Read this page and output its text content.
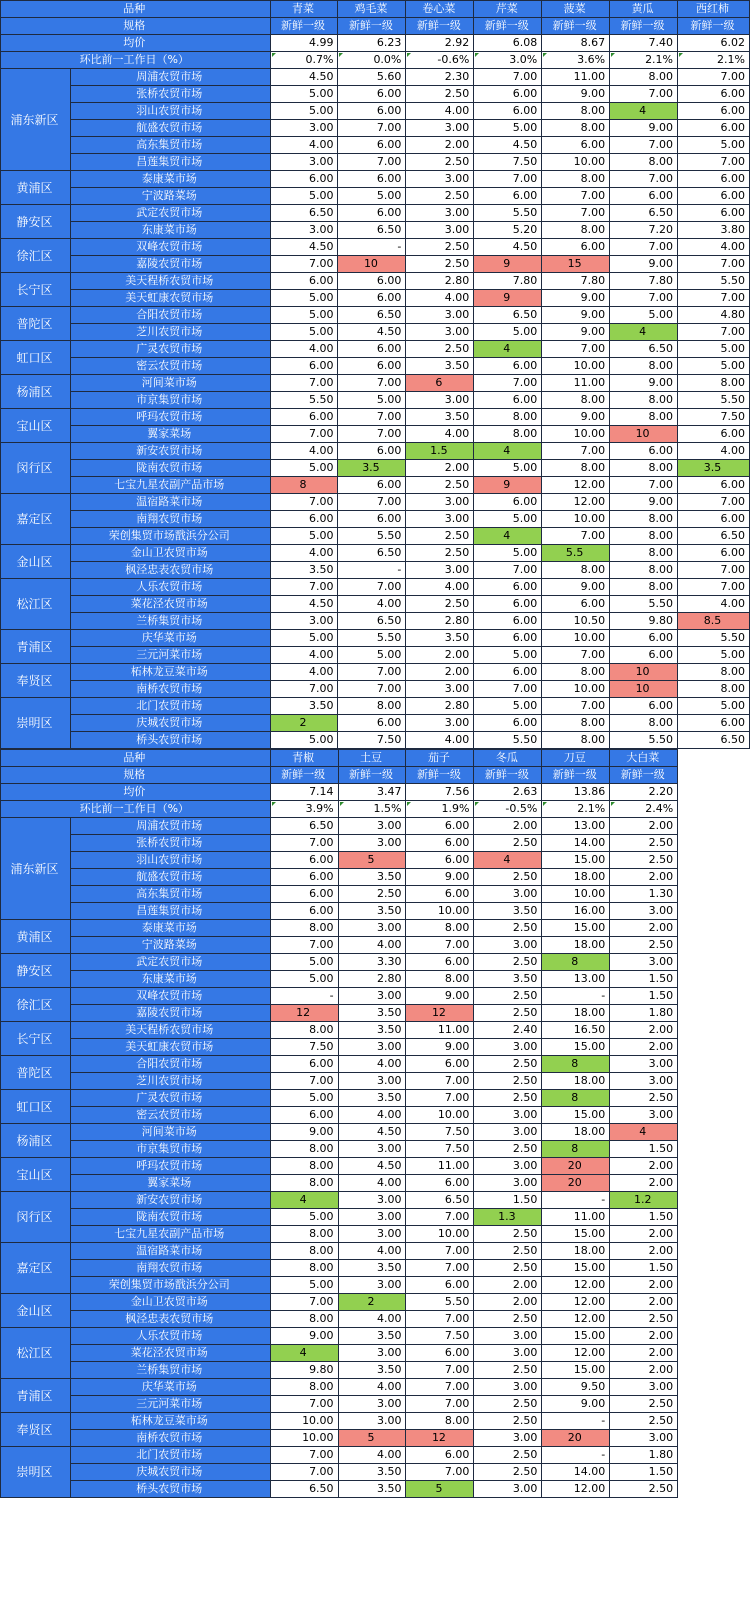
品种		青菜	鸡毛菜	卷心菜	芹菜	菠菜	黄瓜	西红柿
规格		新鲜一级	新鲜一级	新鲜一级	新鲜一级	新鲜一级	新鲜一级	新鲜一级
均价		4.99	6.23	2.92	6.08	8.67	7.40	6.02
环比前一工作日（%）		0.7%	0.0%	-0.6%	3.0%	3.6%	2.1%	2.1%
浦东新区	周浦农贸市场	4.50	5.60	2.30	7.00	11.00	8.00	7.00
	张桥农贸市场	5.00	6.00	2.50	6.00	9.00	7.00	6.00
	羽山农贸市场	5.00	6.00	4.00	6.00	8.00	4	6.00
	航盛农贸市场	3.00	7.00	3.00	5.00	8.00	9.00	6.00
	高东集贸市场	4.00	6.00	2.00	4.50	6.00	7.00	5.00
	昌莲集贸市场	3.00	7.00	2.50	7.50	10.00	8.00	7.00
黄浦区	泰康菜市场	6.00	6.00	3.00	7.00	8.00	7.00	6.00
	宁波路菜场	5.00	5.00	2.50	6.00	7.00	6.00	6.00
静安区	武定农贸市场	6.50	6.00	3.00	5.50	7.00	6.50	6.00
	东康菜市场	3.00	6.50	3.00	5.20	8.00	7.20	3.80
徐汇区	双峰农贸市场	4.50	-	2.50	4.50	6.00	7.00	4.00
	嘉陵农贸市场	7.00	10	2.50	9	15	9.00	7.00
长宁区	美天程桥农贸市场	6.00	6.00	2.80	7.80	7.80	7.80	5.50
	美天虹康农贸市场	5.00	6.00	4.00	9	9.00	7.00	7.00
普陀区	合阳农贸市场	5.00	6.50	3.00	6.50	9.00	5.00	4.80
	芝川农贸市场	5.00	4.50	3.00	5.00	9.00	4	7.00
虹口区	广灵农贸市场	4.00	6.00	2.50	4	7.00	6.50	5.00
	密云农贸市场	6.00	6.00	3.50	6.00	10.00	8.00	5.00
杨浦区	河间菜市场	7.00	7.00	6	7.00	11.00	9.00	8.00
	市京集贸市场	5.50	5.00	3.00	6.00	8.00	8.00	5.50
宝山区	呼玛农贸市场	6.00	7.00	3.50	8.00	9.00	8.00	7.50
	翼家菜场	7.00	7.00	4.00	8.00	10.00	10	6.00
闵行区	新安农贸市场	4.00	6.00	1.5	4	7.00	6.00	4.00
	陇南农贸市场	5.00	3.5	2.00	5.00	8.00	8.00	3.5
	七宝九星农副产品市场	8	6.00	2.50	9	12.00	7.00	6.00
嘉定区	温宿路菜市场	7.00	7.00	3.00	6.00	12.00	9.00	7.00
	南翔农贸市场	6.00	6.00	3.00	5.00	10.00	8.00	6.00
	荣创集贸市场戬浜分公司	5.00	5.50	2.50	4	7.00	8.00	6.50
金山区	金山卫农贸市场	4.00	6.50	2.50	5.00	5.5	8.00	6.00
	枫泾忠表农贸市场	3.50	-	3.00	7.00	8.00	8.00	7.00
松江区	人乐农贸市场	7.00	7.00	4.00	6.00	9.00	8.00	7.00
	菜花泾农贸市场	4.50	4.00	2.50	6.00	6.00	5.50	4.00
	兰桥集贸市场	3.00	6.50	2.80	6.00	10.50	9.80	8.5
青浦区	庆华菜市场	5.00	5.50	3.50	6.00	10.00	6.00	5.50
	三元河菜市场	4.00	5.00	2.00	5.00	7.00	6.00	5.00
奉贤区	柘林龙豆菜市场	4.00	7.00	2.00	6.00	8.00	10	8.00
	南桥农贸市场	7.00	7.00	3.00	7.00	10.00	10	8.00
崇明区	北门农贸市场	3.50	8.00	2.80	5.00	7.00	6.00	5.00
	庆城农贸市场	2	6.00	3.00	6.00	8.00	8.00	6.00
	桥头农贸市场	5.00	7.50	4.00	5.50	8.00	5.50	6.50
品种		青椒	土豆	茄子	冬瓜	刀豆	大白菜	
规格		新鲜一级	新鲜一级	新鲜一级	新鲜一级	新鲜一级	新鲜一级	
均价		7.14	3.47	7.56	2.63	13.86	2.20	
环比前一工作日（%）		3.9%	1.5%	1.9%	-0.5%	2.1%	2.4%	
浦东新区	周浦农贸市场	6.50	3.00	6.00	2.00	13.00	2.00	
	张桥农贸市场	7.00	3.00	6.00	2.50	14.00	2.50	
	羽山农贸市场	6.00	5	6.00	4	15.00	2.50	
	航盛农贸市场	6.00	3.50	9.00	2.50	18.00	2.00	
	高东集贸市场	6.00	2.50	6.00	3.00	10.00	1.30	
	昌莲集贸市场	6.00	3.50	10.00	3.50	16.00	3.00	
黄浦区	泰康菜市场	8.00	3.00	8.00	2.50	15.00	2.00	
	宁波路菜场	7.00	4.00	7.00	3.00	18.00	2.50	
静安区	武定农贸市场	5.00	3.30	6.00	2.50	8	3.00	
	东康菜市场	5.00	2.80	8.00	3.50	13.00	1.50	
徐汇区	双峰农贸市场	-	3.00	9.00	2.50	-	1.50	
	嘉陵农贸市场	12	3.50	12	2.50	18.00	1.80	
长宁区	美天程桥农贸市场	8.00	3.50	11.00	2.40	16.50	2.00	
	美天虹康农贸市场	7.50	3.00	9.00	3.00	15.00	2.00	
普陀区	合阳农贸市场	6.00	4.00	6.00	2.50	8	3.00	
	芝川农贸市场	7.00	3.00	7.00	2.50	18.00	3.00	
虹口区	广灵农贸市场	5.00	3.50	7.00	2.50	8	2.50	
	密云农贸市场	6.00	4.00	10.00	3.00	15.00	3.00	
杨浦区	河间菜市场	9.00	4.50	7.50	3.00	18.00	4	
	市京集贸市场	8.00	3.00	7.50	2.50	8	1.50	
宝山区	呼玛农贸市场	8.00	4.50	11.00	3.00	20	2.00	
	翼家菜场	8.00	4.00	6.00	3.00	20	2.00	
闵行区	新安农贸市场	4	3.00	6.50	1.50	-	1.2	
	陇南农贸市场	5.00	3.00	7.00	1.3	11.00	1.50	
	七宝九星农副产品市场	8.00	3.00	10.00	2.50	15.00	2.00	
嘉定区	温宿路菜市场	8.00	4.00	7.00	2.50	18.00	2.00	
	南翔农贸市场	8.00	3.50	7.00	2.50	15.00	1.50	
	荣创集贸市场戬浜分公司	5.00	3.00	6.00	2.00	12.00	2.00	
金山区	金山卫农贸市场	7.00	2	5.50	2.00	12.00	2.00	
	枫泾忠表农贸市场	8.00	4.00	7.00	2.50	12.00	2.50	
松江区	人乐农贸市场	9.00	3.50	7.50	3.00	15.00	2.00	
	菜花泾农贸市场	4	3.00	6.00	3.00	12.00	2.00	
	兰桥集贸市场	9.80	3.50	7.00	2.50	15.00	2.00	
青浦区	庆华菜市场	8.00	4.00	7.00	3.00	9.50	3.00	
	三元河菜市场	7.00	3.00	7.00	2.50	9.00	2.50	
奉贤区	柘林龙豆菜市场	10.00	3.00	8.00	2.50	-	2.50	
	南桥农贸市场	10.00	5	12	3.00	20	3.00	
崇明区	北门农贸市场	7.00	4.00	6.00	2.50	-	1.80	
	庆城农贸市场	7.00	3.50	7.00	2.50	14.00	1.50	
	桥头农贸市场	6.50	3.50	5	3.00	12.00	2.50	
